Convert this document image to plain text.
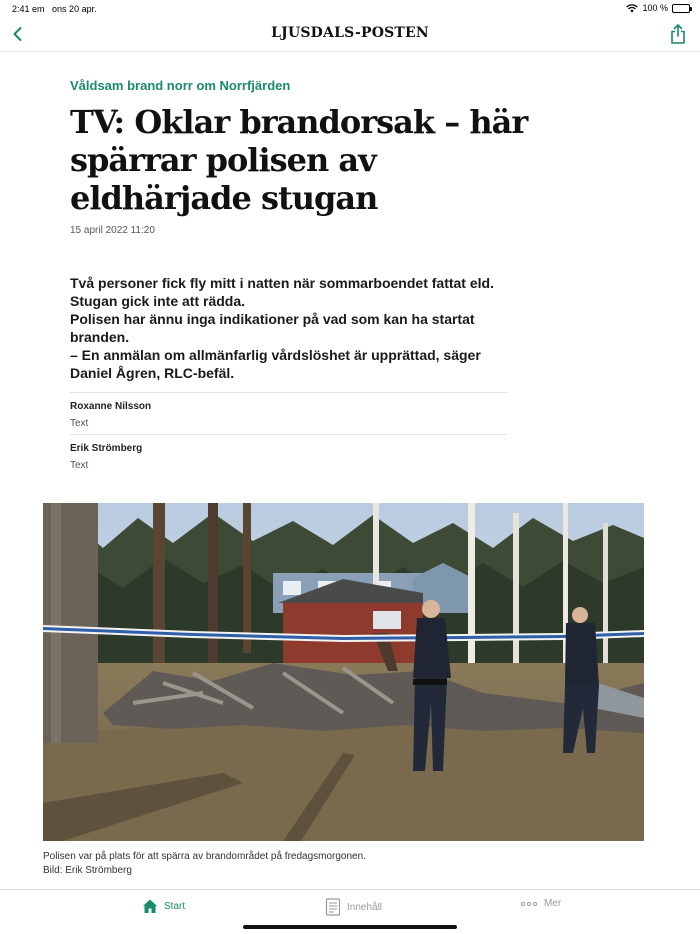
2:41 em ons 20 apr.	100 %
LJUSDALS-POSTEN
Våldsam brand norr om Norrfjärden
TV: Oklar brandorsak – här spärrar polisen av eldhärjade stugan
15 april 2022 11:20

Två personer fick fly mitt i natten när sommarboendet fattat eld.

Stugan gick inte att rädda.

Polisen har ännu inga indikationer på vad som kan ha startat branden.

– En anmälan om allmänfarlig vårdslöshet är upprättad, säger Daniel Ågren, RLC-befäl.

Roxanne Nilsson
Text
Erik Strömberg
Text
Polisen var på plats för att spärra av brandområdet på fredagsmorgonen.
Bild: Erik Strömberg
Start	Innehåll	Mer
